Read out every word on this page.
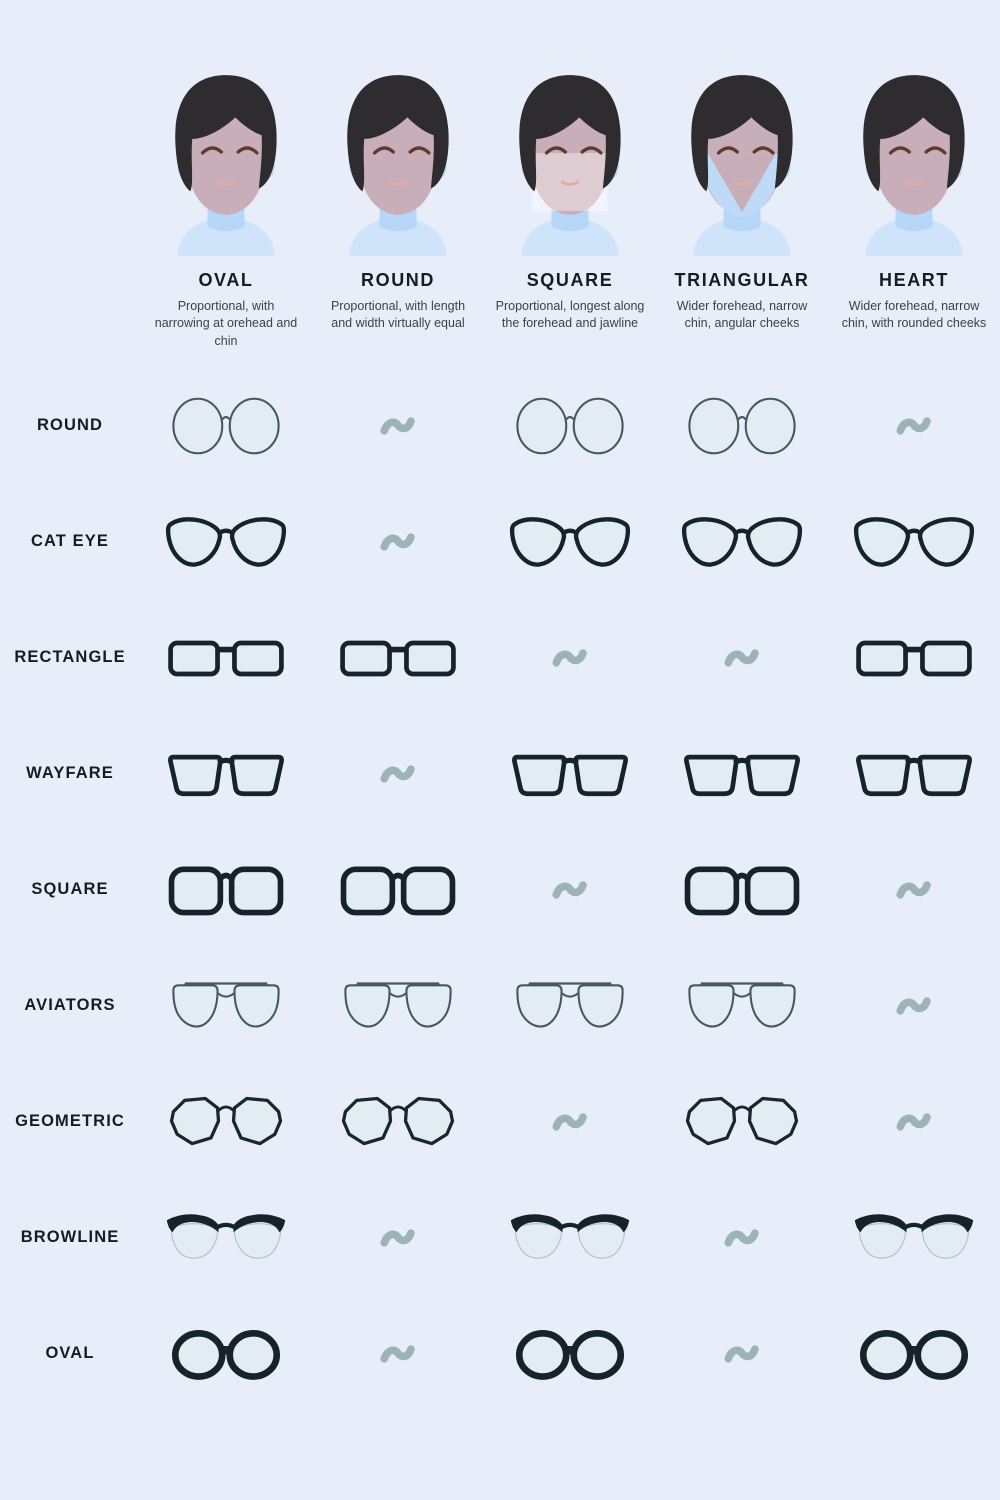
OVAL
Proportional, with narrowing at orehead and chin
ROUND
Proportional, with length and width virtually equal
SQUARE
Proportional, longest along the forehead and jawline
TRIANGULAR
Wider forehead, narrow chin, angular cheeks
HEART
Wider forehead, narrow chin, with rounded cheeks
ROUND
CAT EYE
RECTANGLE
WAYFARE
SQUARE
AVIATORS
GEOMETRIC
BROWLINE
OVAL
